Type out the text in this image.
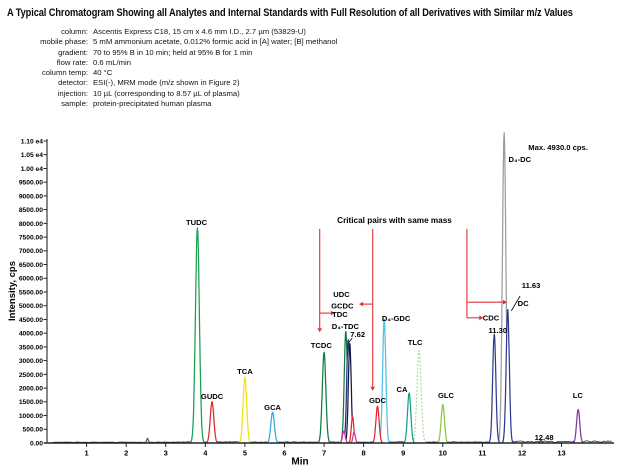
A Typical Chromatogram Showing all Analytes and Internal Standards with Full Resolution of all Derivatives with Similar m/z Values
column: Ascentis Express C18, 15 cm x 4.6 mm I.D., 2.7 µm (53829-U)
mobile phase: 5 mM ammonium acetate, 0.012% formic acid in [A] water; [B] methanol
gradient: 70 to 95% B in 10 min; held at 95% B for 1 min
flow rate: 0.6 mL/min
column temp: 40 °C
detector: ESI(-), MRM mode (m/z shown in Figure 2)
injection: 10 µL (corresponding to 8.57 µL of plasma)
sample: protein-precipitated human plasma
0.00
500.00
1000.00
1500.00
2000.00
2500.00
3000.00
3500.00
4000.00
4500.00
5000.00
5500.00
6000.00
6500.00
7000.00
7500.00
8000.00
8500.00
9000.00
9500.00
1.00 e4
1.05 e4
1.10 e4
1	2	3	4	5	6	7	8	9	10	11	12	13
Min
Intensity, cps
Critical pairs with same mass
TUDC
GUDC
TCA
GCA
TCDC
UDC
GCDC
TDC
D₄-TDC
7.62
D₄-GDC
GDC
CA
TLC
GLC
CDC
11.30
DC
11.63
12.48
LC
D₄-DC
Max. 4930.0 cps.
